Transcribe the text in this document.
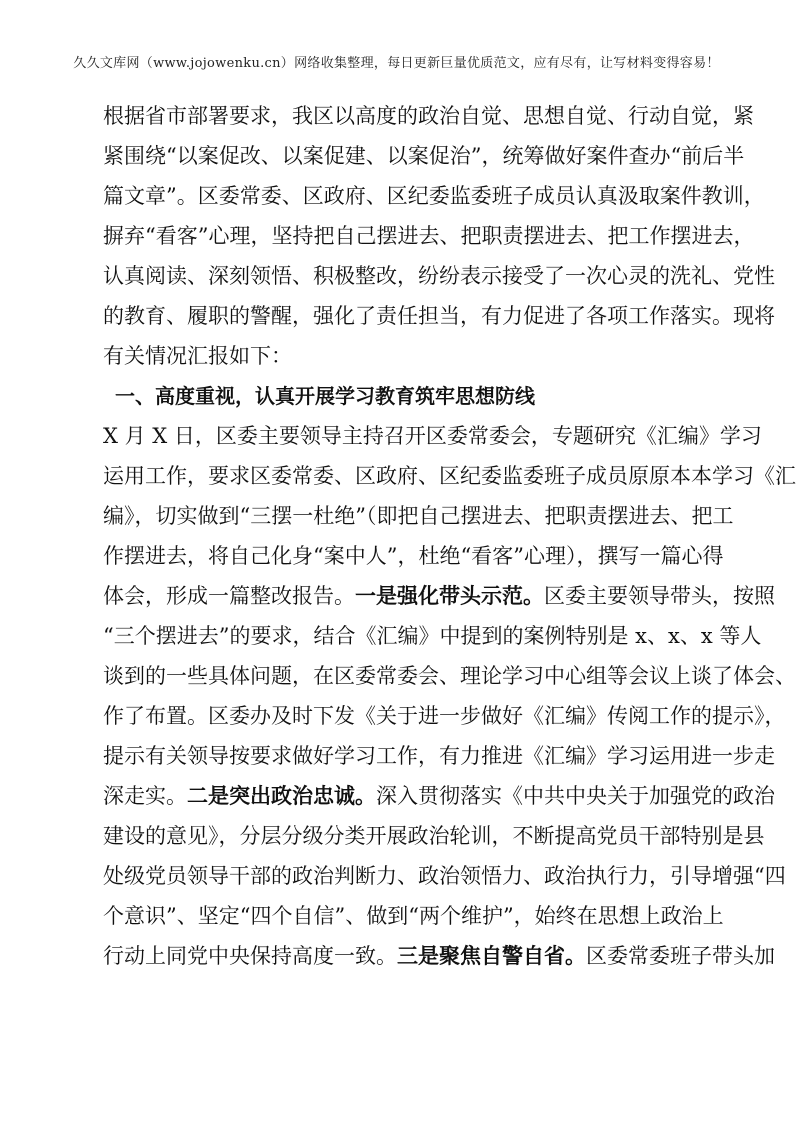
久久文库网（www.jojowenku.cn）网络收集整理，每日更新巨量优质范文，应有尽有，让写材料变得容易！
根据省市部署要求，我区以高度的政治自觉、思想自觉、行动自觉，紧
紧围绕“以案促改、以案促建、以案促治”，统筹做好案件查办“前后半
篇文章”。区委常委、区政府、区纪委监委班子成员认真汲取案件教训，
摒弃“看客”心理，坚持把自己摆进去、把职责摆进去、把工作摆进去，
认真阅读、深刻领悟、积极整改，纷纷表示接受了一次心灵的洗礼、党性
的教育、履职的警醒，强化了责任担当，有力促进了各项工作落实。现将
有关情况汇报如下：
一、高度重视，认真开展学习教育筑牢思想防线
X 月 X 日，区委主要领导主持召开区委常委会，专题研究《汇编》学习
运用工作，要求区委常委、区政府、区纪委监委班子成员原原本本学习《汇
编》，切实做到“三摆一杜绝”（即把自己摆进去、把职责摆进去、把工
作摆进去，将自己化身“案中人”，杜绝“看客”心理），撰写一篇心得
体会，形成一篇整改报告。一是强化带头示范。区委主要领导带头，按照
“三个摆进去”的要求，结合《汇编》中提到的案例特别是 x、x、x 等人
谈到的一些具体问题，在区委常委会、理论学习中心组等会议上谈了体会、
作了布置。区委办及时下发《关于进一步做好《汇编》传阅工作的提示》，
提示有关领导按要求做好学习工作，有力推进《汇编》学习运用进一步走
深走实。二是突出政治忠诚。深入贯彻落实《中共中央关于加强党的政治
建设的意见》，分层分级分类开展政治轮训，不断提高党员干部特别是县
处级党员领导干部的政治判断力、政治领悟力、政治执行力，引导增强“四
个意识”、坚定“四个自信”、做到“两个维护”，始终在思想上政治上
行动上同党中央保持高度一致。三是聚焦自警自省。区委常委班子带头加
